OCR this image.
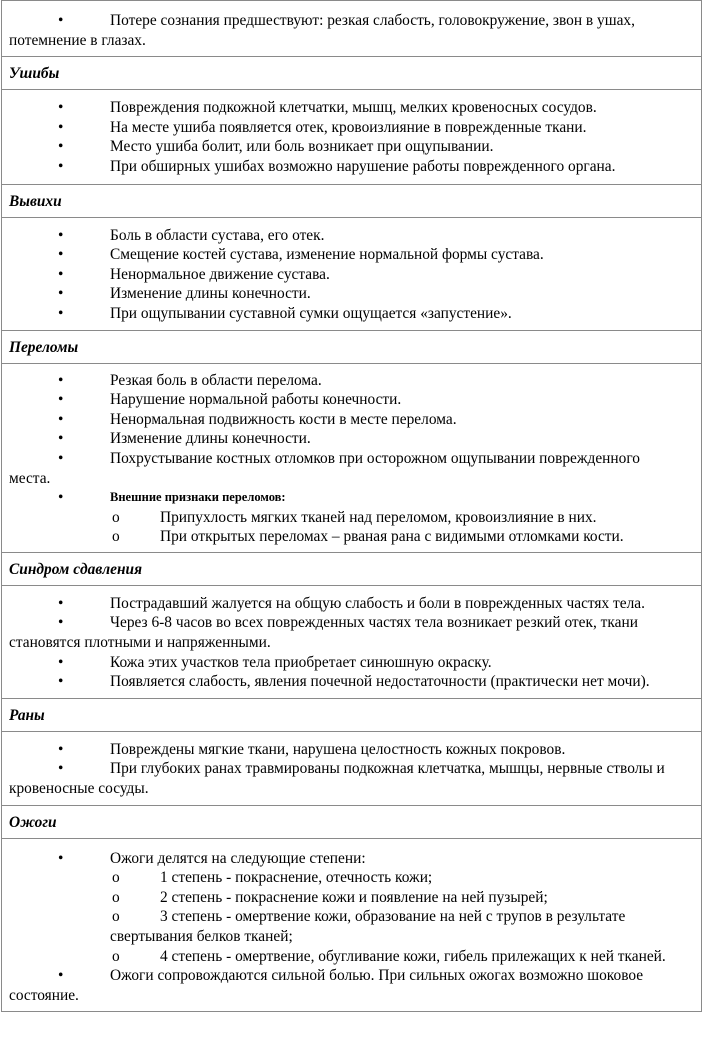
•	Потере сознания предшествуют: резкая слабость, головокружение, звон в ушах, потемнение в глазах.
Ушибы
•	Повреждения подкожной клетчатки, мышц, мелких кровеносных сосудов.
•	На месте ушиба появляется отек, кровоизлияние в поврежденные ткани.
•	Место ушиба болит, или боль возникает при ощупывании.
•	При обширных ушибах возможно нарушение работы поврежденного органа.
Вывихи
•	Боль в области сустава, его отек.
•	Смещение костей сустава, изменение нормальной формы сустава.
•	Ненормальное движение сустава.
•	Изменение длины конечности.
•	При ощупывании суставной сумки ощущается «запустение».
Переломы
•	Резкая боль в области перелома.
•	Нарушение нормальной работы конечности.
•	Ненормальная подвижность кости в месте перелома.
•	Изменение длины конечности.
•	Похрустывание костных отломков при осторожном ощупывании поврежденного места.
•	Внешние признаки переломов:
o	Припухлость мягких тканей над переломом, кровоизлияние в них.
o	При открытых переломах – рваная рана с видимыми отломками кости.
Синдром сдавления
•	Пострадавший жалуется на общую слабость и боли в поврежденных частях тела.
•	Через 6-8 часов во всех поврежденных частях тела возникает резкий отек, ткани становятся плотными и напряженными.
•	Кожа этих участков тела приобретает синюшную окраску.
•	Появляется слабость, явления почечной недостаточности (практически нет мочи).
Раны
•	Повреждены мягкие ткани, нарушена целостность кожных покровов.
•	При глубоких ранах травмированы подкожная клетчатка, мышцы, нервные стволы и кровеносные сосуды.
Ожоги
•	Ожоги делятся на следующие степени:
o	1 степень - покраснение, отечность кожи;
o	2 степень - покраснение кожи и появление на ней пузырей;
o	3 степень - омертвение кожи, образование на ней с трупов в результате свертывания белков тканей;
o	4 степень - омертвение, обугливание кожи, гибель прилежащих к ней тканей.
•	Ожоги сопровождаются сильной болью. При сильных ожогах возможно шоковое состояние.
